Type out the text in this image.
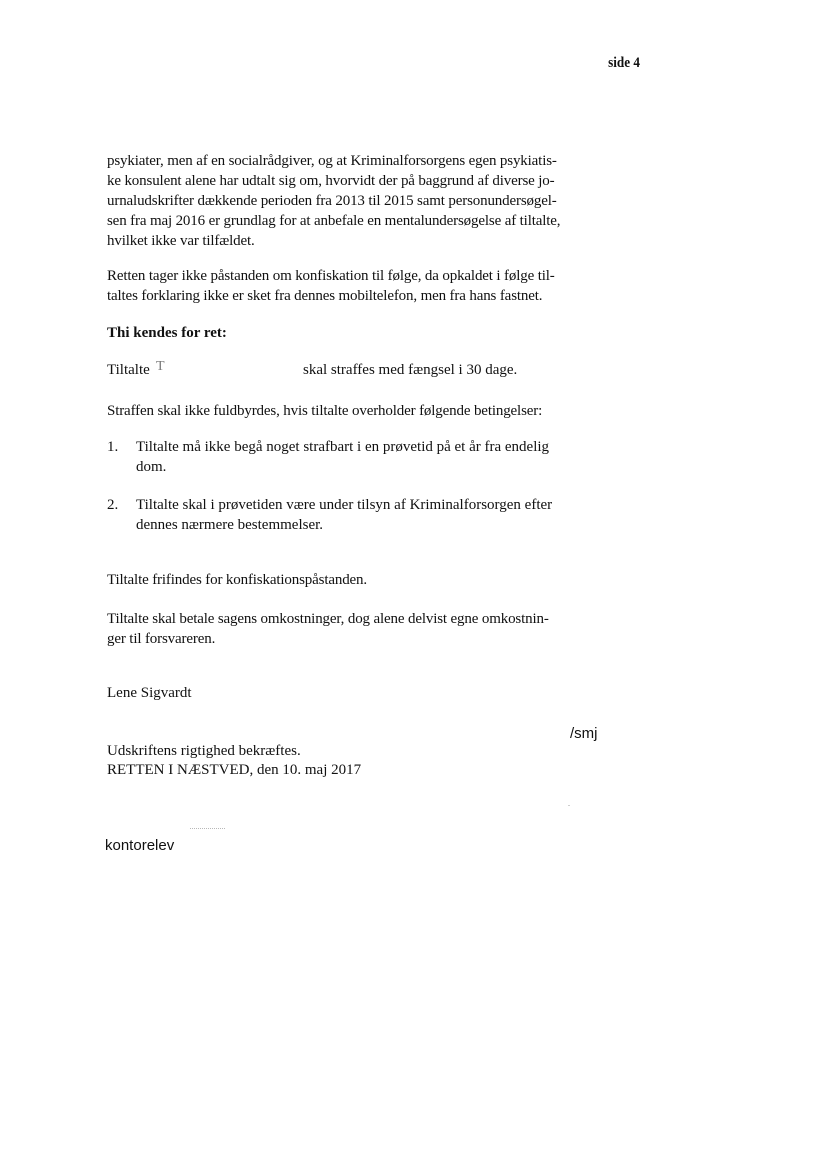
side 4
psykiater, men af en socialrådgiver, og at Kriminalforsorgens egen psykiatis-
ke konsulent alene har udtalt sig om, hvorvidt der på baggrund af diverse jo-
urnaludskrifter dækkende perioden fra 2013 til 2015 samt personundersøgel-
sen fra maj 2016 er grundlag for at anbefale en mentalundersøgelse af tiltalte,
hvilket ikke var tilfældet.
Retten tager ikke påstanden om konfiskation til følge, da opkaldet i følge til-
taltes forklaring ikke er sket fra dennes mobiltelefon, men fra hans fastnet.

Thi kendes for ret:

Tiltalte T	skal straffes med fængsel i 30 dage.
Straffen skal ikke fuldbyrdes, hvis tiltalte overholder følgende betingelser:
1. Tiltalte må ikke begå noget strafbart i en prøvetid på et år fra endelig
dom.
2. Tiltalte skal i prøvetiden være under tilsyn af Kriminalforsorgen efter
dennes nærmere bestemmelser.
Tiltalte frifindes for konfiskationspåstanden.
Tiltalte skal betale sagens omkostninger, dog alene delvist egne omkostnin-
ger til forsvareren.

Lene Sigvardt

/smj

Udskriftens rigtighed bekræftes.
RETTEN I NÆSTVED, den 10. maj 2017

kontorelev
